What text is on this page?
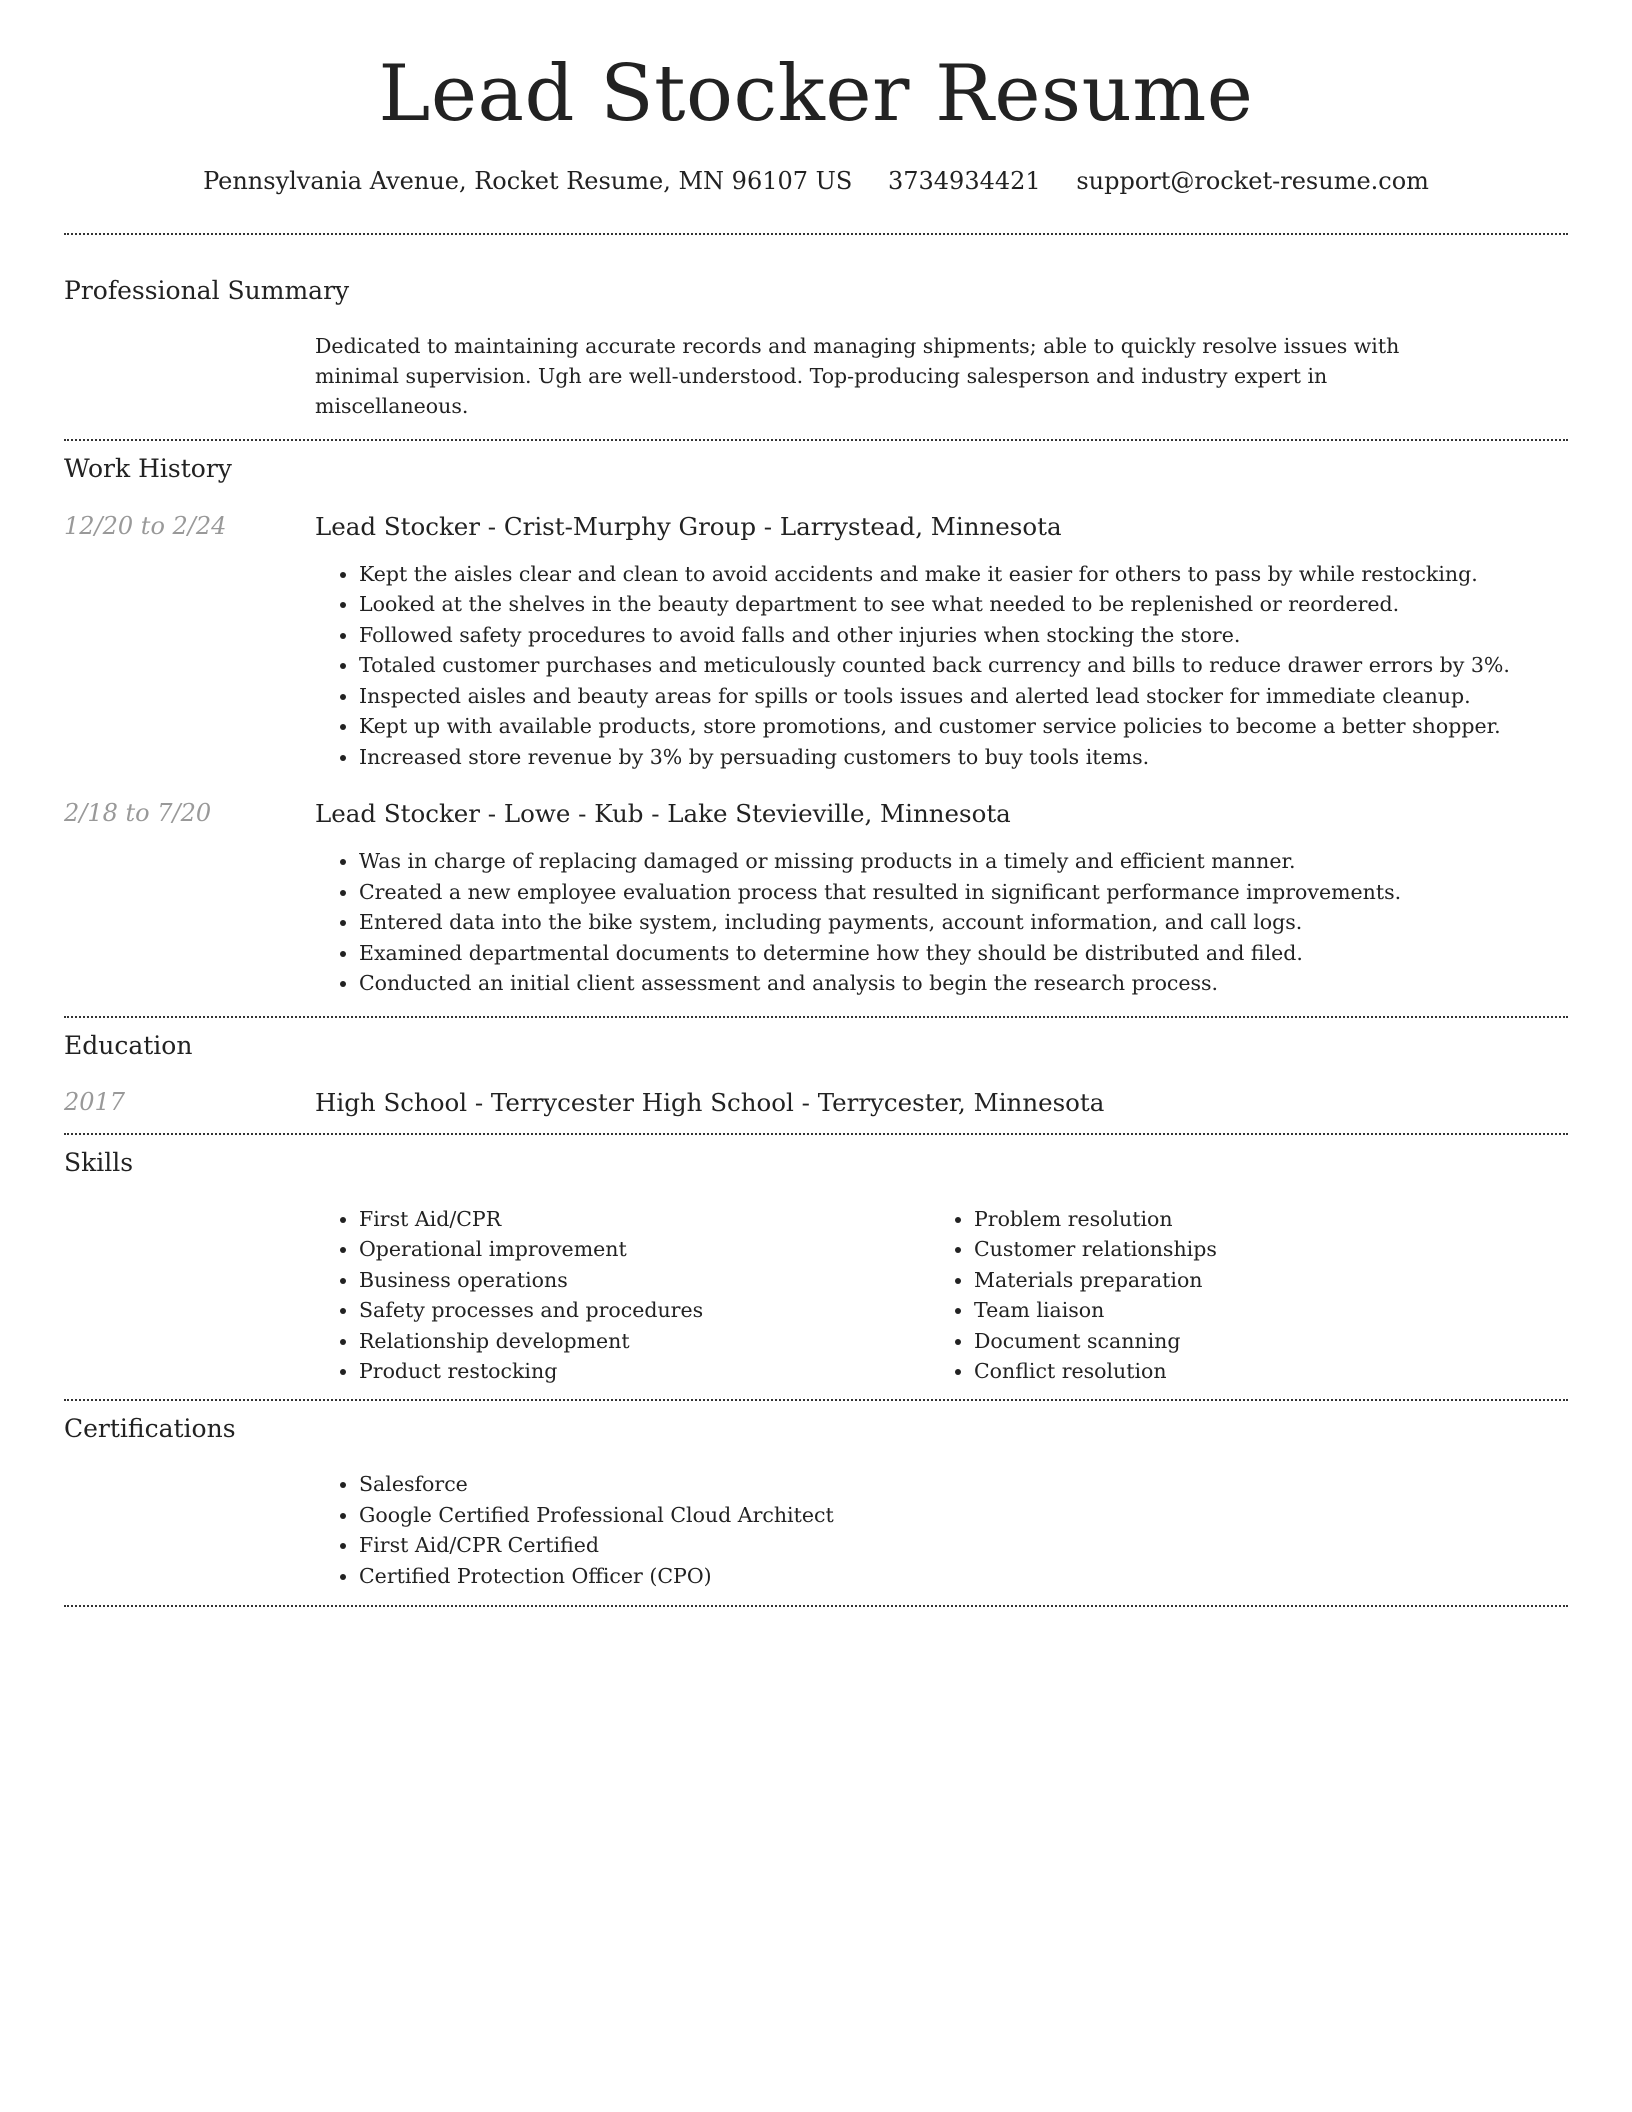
Lead Stocker Resume
Pennsylvania Avenue, Rocket Resume, MN 96107 US 3734934421 support@rocket-resume.com
Professional Summary
Dedicated to maintaining accurate records and managing shipments; able to quickly resolve issues with minimal supervision. Ugh are well-understood. Top-producing salesperson and industry expert in miscellaneous.
Work History
12/20 to 2/24	Lead Stocker - Crist-Murphy Group - Larrystead, Minnesota
• Kept the aisles clear and clean to avoid accidents and make it easier for others to pass by while restocking.
• Looked at the shelves in the beauty department to see what needed to be replenished or reordered.
• Followed safety procedures to avoid falls and other injuries when stocking the store.
• Totaled customer purchases and meticulously counted back currency and bills to reduce drawer errors by 3%.
• Inspected aisles and beauty areas for spills or tools issues and alerted lead stocker for immediate cleanup.
• Kept up with available products, store promotions, and customer service policies to become a better shopper.
• Increased store revenue by 3% by persuading customers to buy tools items.
2/18 to 7/20	Lead Stocker - Lowe - Kub - Lake Stevieville, Minnesota
• Was in charge of replacing damaged or missing products in a timely and efficient manner.
• Created a new employee evaluation process that resulted in significant performance improvements.
• Entered data into the bike system, including payments, account information, and call logs.
• Examined departmental documents to determine how they should be distributed and filed.
• Conducted an initial client assessment and analysis to begin the research process.
Education
2017	High School - Terrycester High School - Terrycester, Minnesota
Skills
• First Aid/CPR
• Operational improvement
• Business operations
• Safety processes and procedures
• Relationship development
• Product restocking
• Problem resolution
• Customer relationships
• Materials preparation
• Team liaison
• Document scanning
• Conflict resolution
Certifications
• Salesforce
• Google Certified Professional Cloud Architect
• First Aid/CPR Certified
• Certified Protection Officer (CPO)
